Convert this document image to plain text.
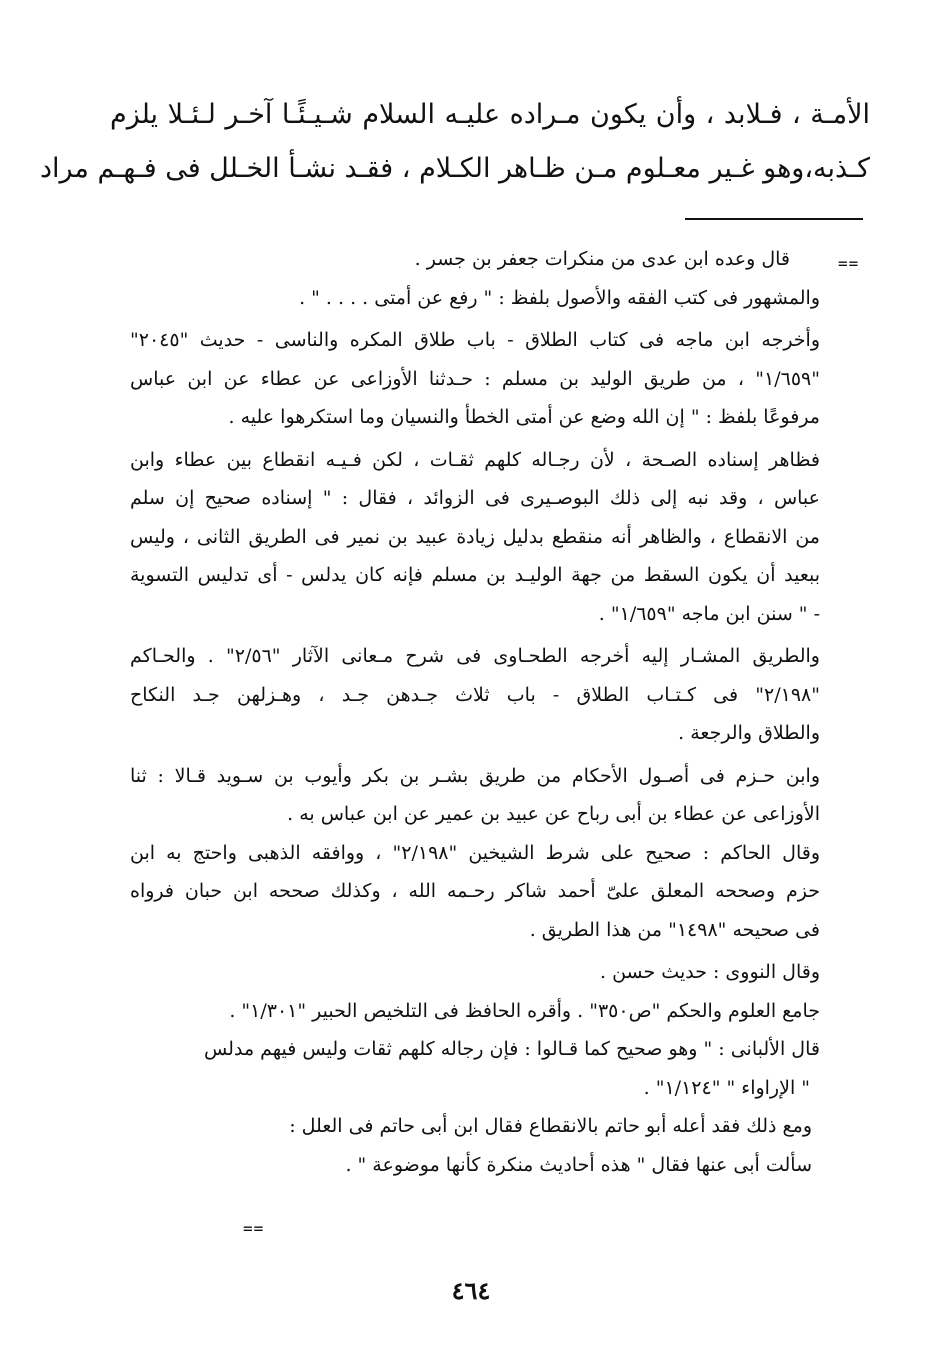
الأمـة ، فـلابد ، وأن يكون مـراده عليـه السلام شـيـئًـا آخـر لـئـلا يلزم
كـذبه،وهو غـير معـلوم مـن ظـاهر الكـلام ، فقـد نشـأ الخـلل فى فـهـم مراد
==
قال وعده ابن عدى من منكرات جعفر بن جسر .
والمشهور فى كتب الفقه والأصول بلفظ : " رفع عن أمتى . . . . " .
وأخرجه ابن ماجه فى كتاب الطلاق - باب طلاق المكره والناسى - حديث "٢٠٤٥"
"١/٦٥٩" ، من طريق الوليد بن مسلم : حـدثنا الأوزاعى عن عطاء عن ابن عباس
مرفوعًا بلفظ : " إن الله وضع عن أمتى الخطأ والنسيان وما استكرهوا عليه .
فظاهر إسناده الصـحة ، لأن رجـاله كلهم ثقـات ، لكن فـيـه انقطاع بين عطاء وابن
عباس ، وقد نبه إلى ذلك البوصـيرى فى الزوائد ، فقال : " إسناده صحيح إن سلم
من الانقطاع ، والظاهر أنه منقطع بدليل زيادة عبيد بن نمير فى الطريق الثانى ، وليس
ببعيد أن يكون السقط من جهة الوليـد بن مسلم فإنه كان يدلس - أى تدليس التسوية
- " سنن ابن ماجه "١/٦٥٩" .
والطريق المشـار إليه أخرجه الطحـاوى فى شرح مـعانى الآثار "٢/٥٦" . والحـاكم
"٢/١٩٨" فى كـتـاب الطلاق - باب ثلاث جـدهن جـد ، وهـزلهن جـد النكاح
والطلاق والرجعة .
وابن حـزم فى أصـول الأحكام من طريق بشـر بن بكر وأيوب بن سـويد قـالا : ثنا
الأوزاعى عن عطاء بن أبى رباح عن عبيد بن عمير عن ابن عباس به .
وقال الحاكم : صحيح على شرط الشيخين "٢/١٩٨" ، ووافقه الذهبى واحتج به ابن
حزم وصححه المعلق علىّ أحمد شاكر رحـمه الله ، وكذلك صححه ابن حبان فرواه
فى صحيحه "١٤٩٨" من هذا الطريق .
وقال النووى : حديث حسن .
جامع العلوم والحكم "ص٣٥٠" . وأقره الحافظ فى التلخيص الحبير "١/٣٠١" .
قال الألبانى : " وهو صحيح كما قـالوا : فإن رجاله كلهم ثقات وليس فيهم مدلس
" الإراواء " "١/١٢٤" .
ومع ذلك فقد أعله أبو حاتم بالانقطاع فقال ابن أبى حاتم فى العلل :
سألت أبى عنها فقال " هذه أحاديث منكرة كأنها موضوعة " .
==
٤٦٤
